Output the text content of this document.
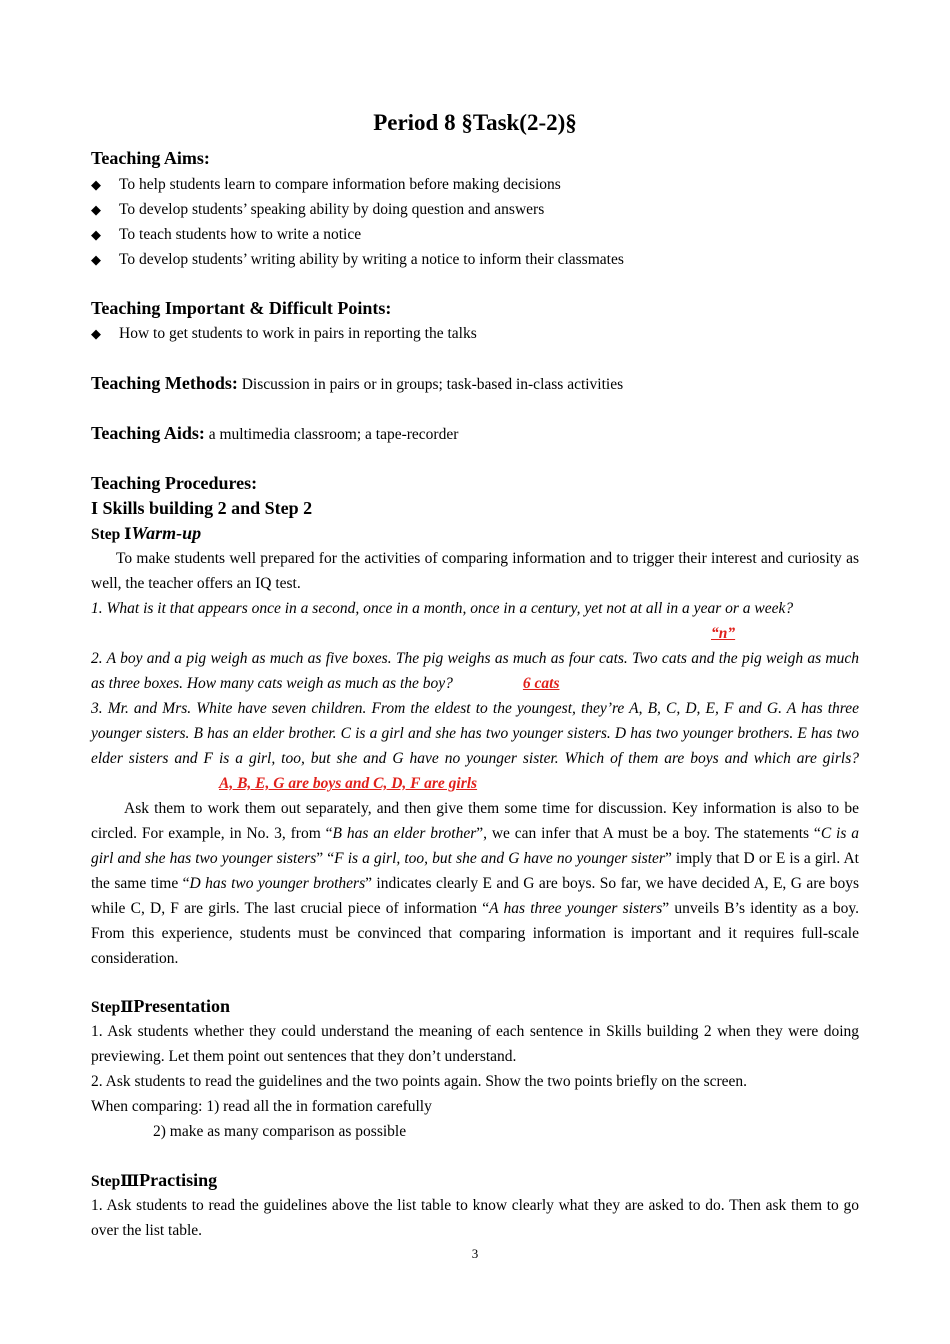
Period 8 §Task(2-2)§
Teaching Aims:
◆ To help students learn to compare information before making decisions
◆ To develop students’ speaking ability by doing question and answers
◆ To teach students how to write a notice
◆ To develop students’ writing ability by writing a notice to inform their classmates
Teaching Important & Difficult Points:
◆ How to get students to work in pairs in reporting the talks
Teaching Methods: Discussion in pairs or in groups; task-based in-class activities
Teaching Aids: a multimedia classroom; a tape-recorder
Teaching Procedures:
I Skills building 2 and Step 2
Step ⅠWarm-up
To make students well prepared for the activities of comparing information and to trigger their interest and curiosity as well, the teacher offers an IQ test.
1. What is it that appears once in a second, once in a month, once in a century, yet not at all in a year or a week?
“n”
2. A boy and a pig weigh as much as five boxes. The pig weighs as much as four cats. Two cats and the pig weigh as much as three boxes. How many cats weigh as much as the boy?	6 cats
3. Mr. and Mrs. White have seven children. From the eldest to the youngest, they’re A, B, C, D, E, F and G. A has three younger sisters. B has an elder brother. C is a girl and she has two younger sisters. D has two younger brothers. E has two elder sisters and F is a girl, too, but she and G have no younger sister. Which of them are boys and which are girls?A, B, E, G are boys and C, D, F are girls
Ask them to work them out separately, and then give them some time for discussion. Key information is also to be circled. For example, in No. 3, from “B has an elder brother”, we can infer that A must be a boy. The statements “C is a girl and she has two younger sisters” “F is a girl, too, but she and G have no younger sister” imply that D or E is a girl. At the same time “D has two younger brothers” indicates clearly E and G are boys. So far, we have decided A, E, G are boys while C, D, F are girls. The last crucial piece of information “A has three younger sisters” unveils B’s identity as a boy. From this experience, students must be convinced that comparing information is important and it requires full-scale consideration.
StepⅡPresentation
1. Ask students whether they could understand the meaning of each sentence in Skills building 2 when they were doing previewing. Let them point out sentences that they don’t understand.
2. Ask students to read the guidelines and the two points again. Show the two points briefly on the screen.
When comparing: 1) read all the in formation carefully
2) make as many comparison as possible
StepⅢPractising
1. Ask students to read the guidelines above the list table to know clearly what they are asked to do. Then ask them to go over the list table.
3
